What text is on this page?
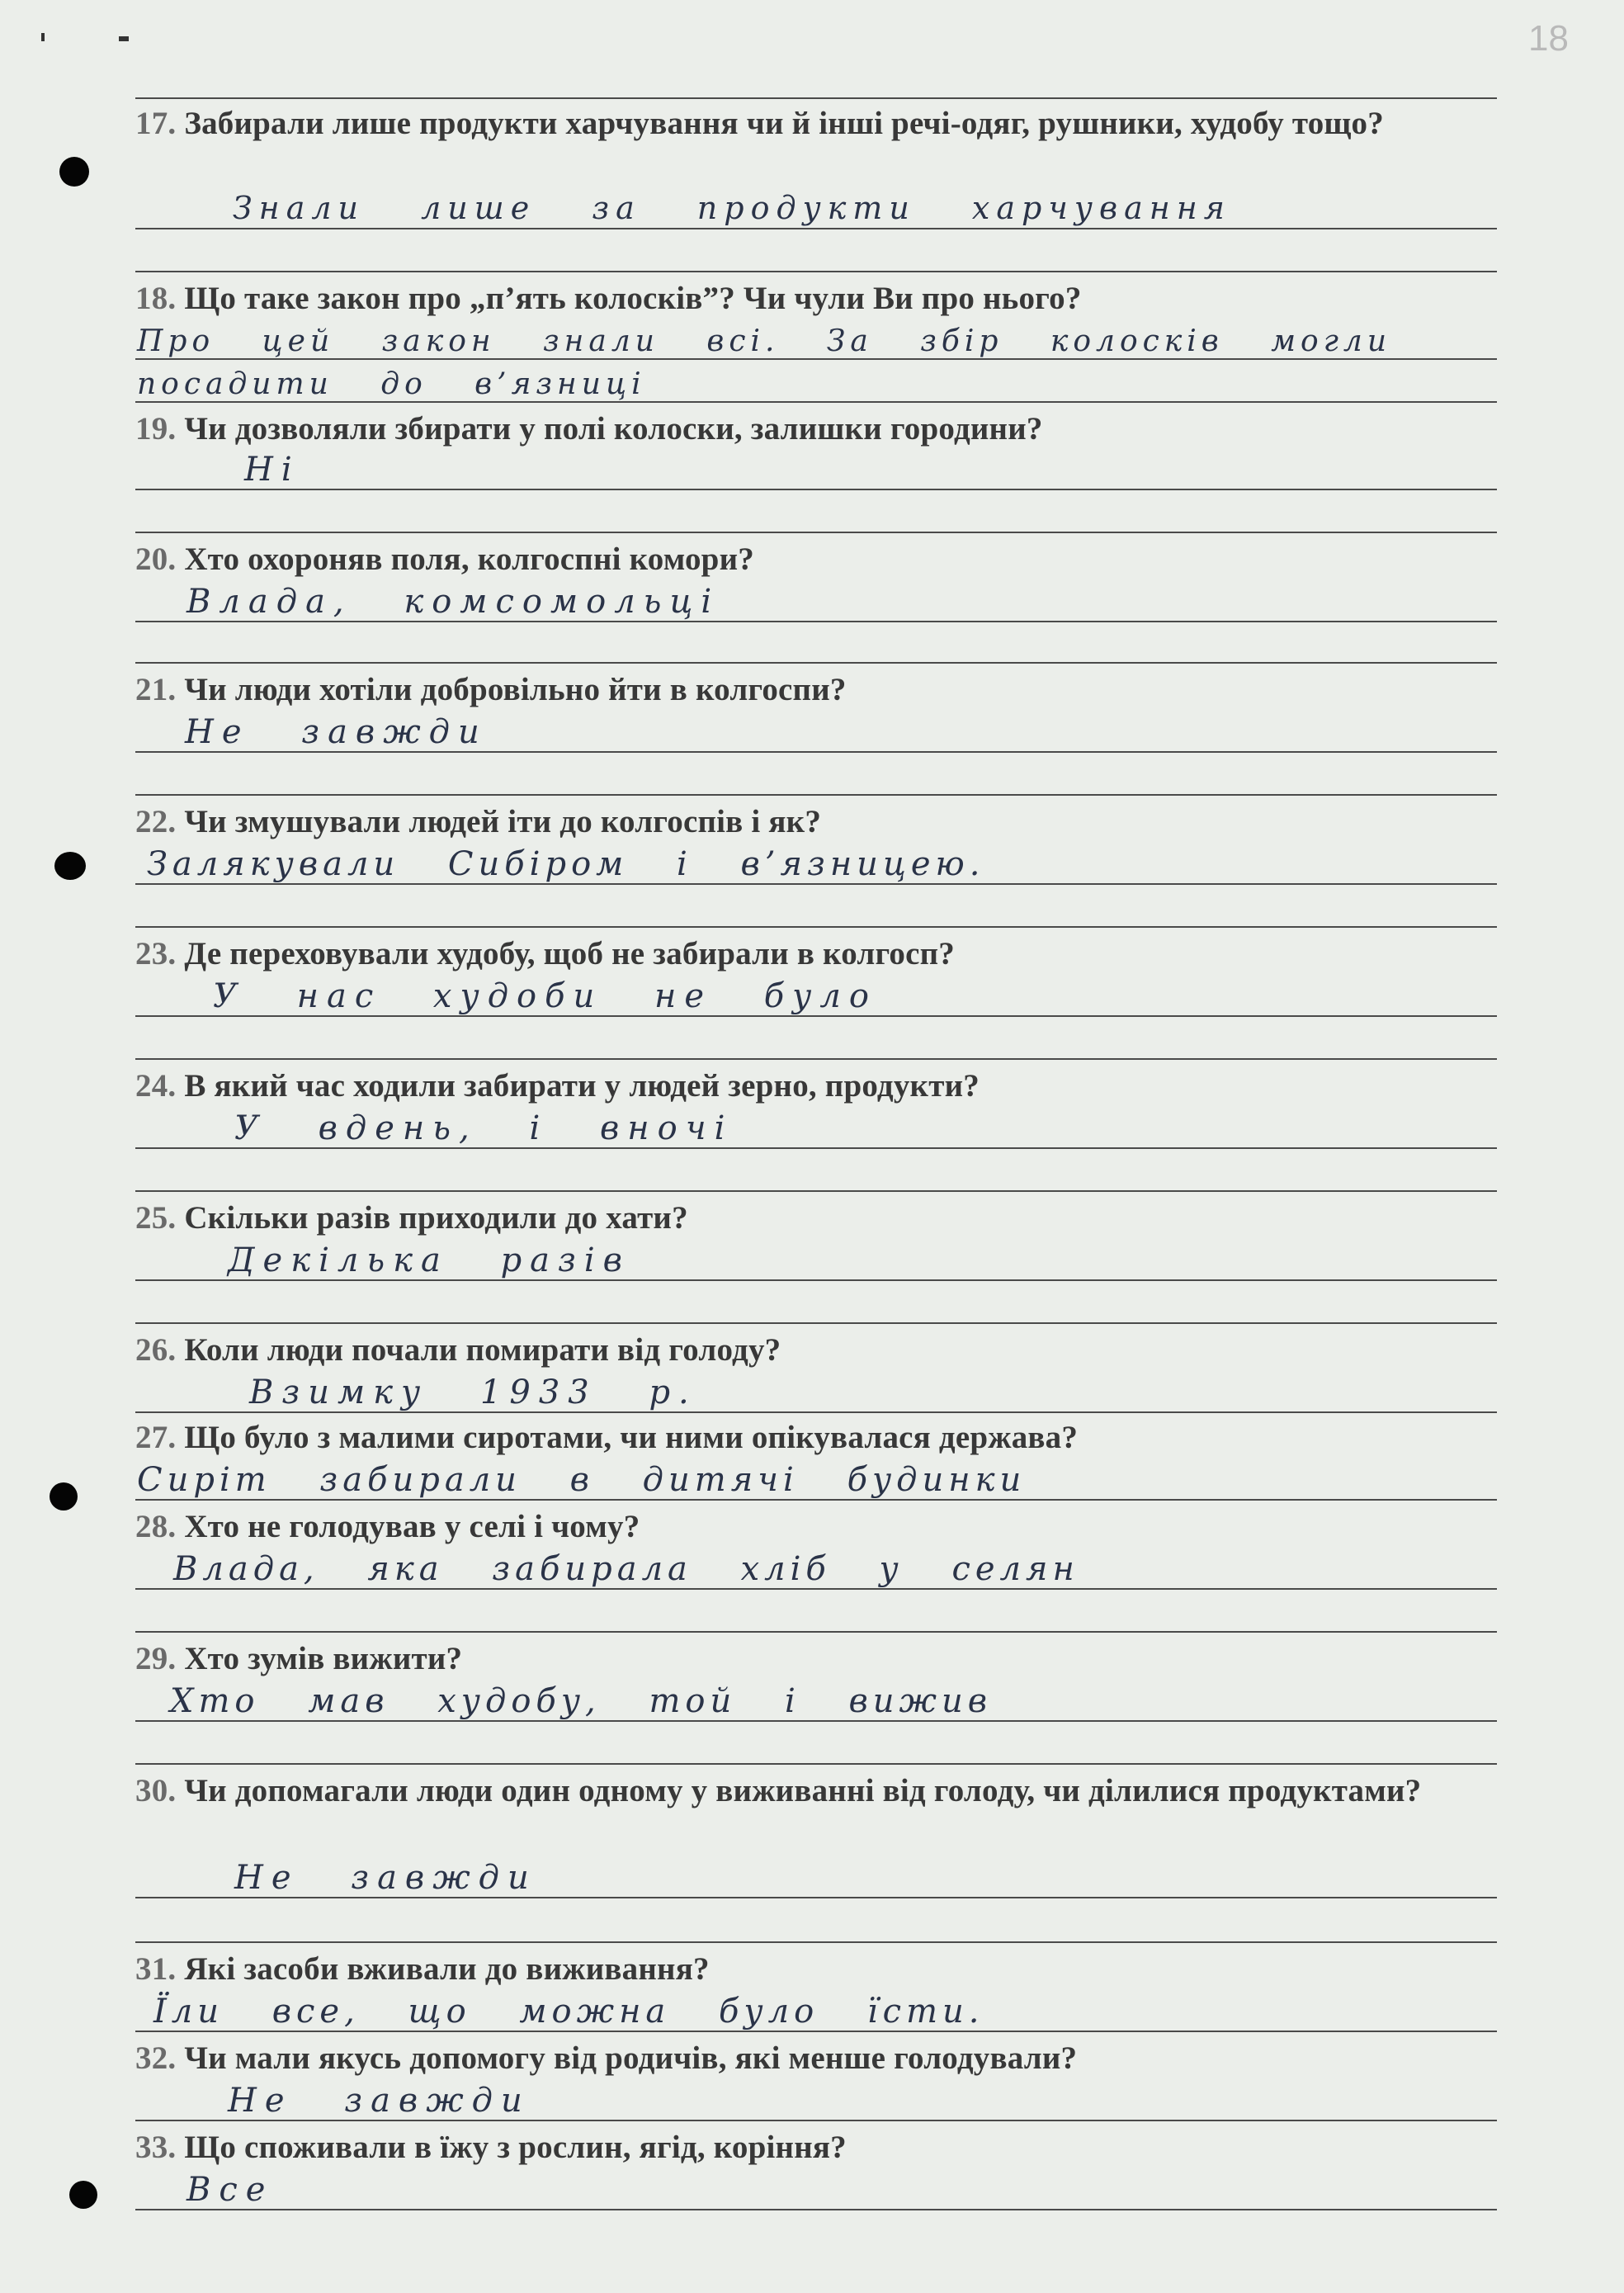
18
17. Забирали лише продукти харчування чи й інші речі-одяг, рушники, худобу тощо?
Знали лише за продукти харчування
18. Що таке закон про „п’ять колосків”? Чи чули Ви про нього?
Про цей закон знали всі. За збір колосків могли посадити до в’язниці
19. Чи дозволяли збирати у полі колоски, залишки городини?
Ні
20. Хто охороняв поля, колгоспні комори?
Влада, комсомольці
21. Чи люди хотіли добровільно йти в колгоспи?
Не завжди
22. Чи змушували людей іти до колгоспів і як?
Залякували Сибіром і в’язницею.
23. Де переховували худобу, щоб не забирали в колгосп?
У нас худоби не було
24. В який час ходили забирати у людей зерно, продукти?
У вдень, і вночі
25. Скільки разів приходили до хати?
Декілька разів
26. Коли люди почали помирати від голоду?
Взимку 1933 р.
27. Що було з малими сиротами, чи ними опікувалася держава?
Сиріт забирали в дитячі будинки
28. Хто не голодував у селі і чому?
Влада, яка забирала хліб у селян
29. Хто зумів вижити?
Хто мав худобу, той і вижив
30. Чи допомагали люди один одному у виживанні від голоду, чи ділилися продуктами?
Не завжди
31. Які засоби вживали до виживання?
Їли все, що можна було їсти.
32. Чи мали якусь допомогу від родичів, які менше голодували?
Не завжди
33. Що споживали в їжу з рослин, ягід, коріння?
Все
